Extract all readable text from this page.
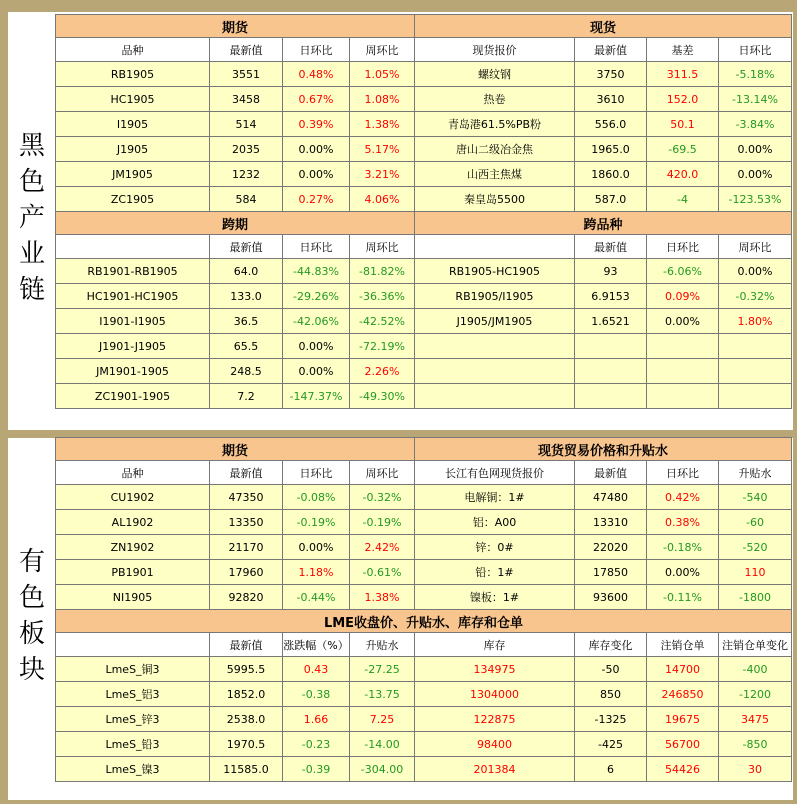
黑色产业链
期货				现货			
品种	最新值	日环比	周环比	现货报价	最新值	基差	日环比
RB1905	3551	0.48%	1.05%	螺纹钢	3750	311.5	-5.18%
HC1905	3458	0.67%	1.08%	热卷	3610	152.0	-13.14%
I1905	514	0.39%	1.38%	青岛港61.5%PB粉	556.0	50.1	-3.84%
J1905	2035	0.00%	5.17%	唐山二级冶金焦	1965.0	-69.5	0.00%
JM1905	1232	0.00%	3.21%	山西主焦煤	1860.0	420.0	0.00%
ZC1905	584	0.27%	4.06%	秦皇岛5500	587.0	-4	-123.53%
跨期				跨品种			
	最新值	日环比	周环比		最新值	日环比	周环比
RB1901-RB1905	64.0	-44.83%	-81.82%	RB1905-HC1905	93	-6.06%	0.00%
HC1901-HC1905	133.0	-29.26%	-36.36%	RB1905/I1905	6.9153	0.09%	-0.32%
I1901-I1905	36.5	-42.06%	-42.52%	J1905/JM1905	1.6521	0.00%	1.80%
J1901-J1905	65.5	0.00%	-72.19%				
JM1901-1905	248.5	0.00%	2.26%				
ZC1901-1905	7.2	-147.37%	-49.30%				
有色板块
期货				现货贸易价格和升贴水			
品种	最新值	日环比	周环比	长江有色网现货报价	最新值	日环比	升贴水
CU1902	47350	-0.08%	-0.32%	电解铜：1#	47480	0.42%	-540
AL1902	13350	-0.19%	-0.19%	铝：A00	13310	0.38%	-60
ZN1902	21170	0.00%	2.42%	锌：0#	22020	-0.18%	-520
PB1901	17960	1.18%	-0.61%	铅：1#	17850	0.00%	110
NI1905	92820	-0.44%	1.38%	镍板：1#	93600	-0.11%	-1800
LME收盘价、升贴水、库存和仓单							
	最新值	涨跌幅（%）	升贴水	库存	库存变化	注销仓单	注销仓单变化
LmeS_铜3	5995.5	0.43	-27.25	134975	-50	14700	-400
LmeS_铝3	1852.0	-0.38	-13.75	1304000	850	246850	-1200
LmeS_锌3	2538.0	1.66	7.25	122875	-1325	19675	3475
LmeS_铅3	1970.5	-0.23	-14.00	98400	-425	56700	-850
LmeS_镍3	11585.0	-0.39	-304.00	201384	6	54426	30
